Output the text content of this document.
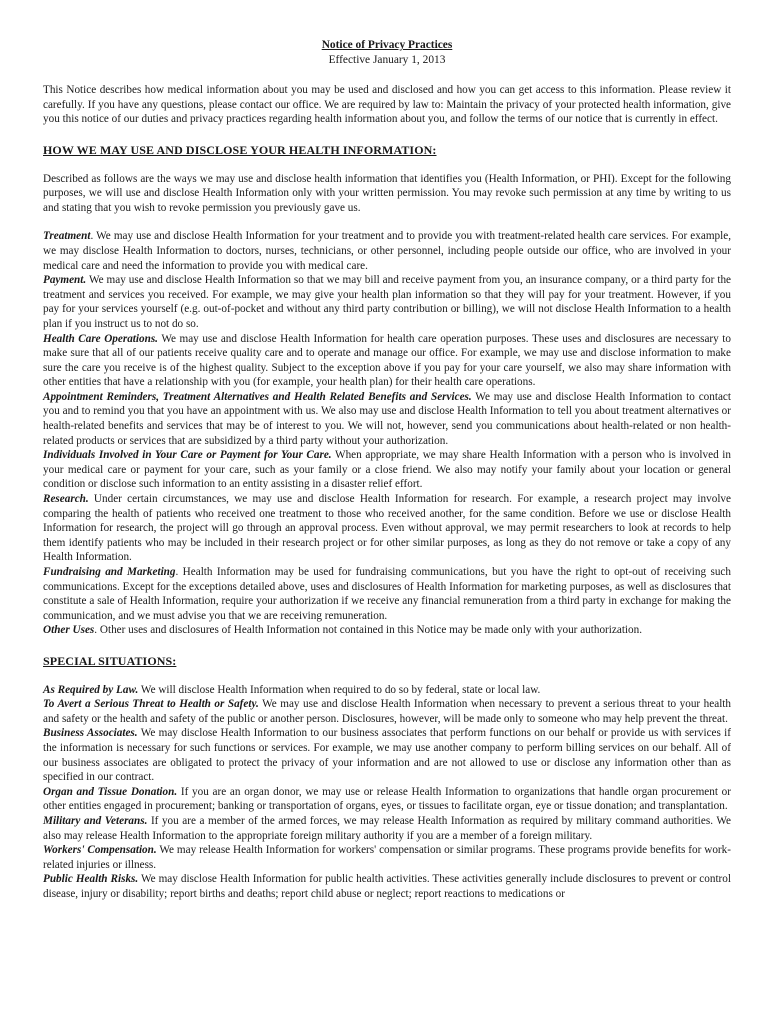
Notice of Privacy Practices

Effective January 1, 2013

This Notice describes how medical information about you may be used and disclosed and how you can get access to this information. Please review it carefully. If you have any questions, please contact our office. We are required by law to: Maintain the privacy of your protected health information, give you this notice of our duties and privacy practices regarding health information about you, and follow the terms of our notice that is currently in effect.

HOW WE MAY USE AND DISCLOSE YOUR HEALTH INFORMATION:

Described as follows are the ways we may use and disclose health information that identifies you (Health Information, or PHI). Except for the following purposes, we will use and disclose Health Information only with your written permission. You may revoke such permission at any time by writing to us and stating that you wish to revoke permission you previously gave us.

Treatment. We may use and disclose Health Information for your treatment and to provide you with treatment-related health care services. For example, we may disclose Health Information to doctors, nurses, technicians, or other personnel, including people outside our office, who are involved in your medical care and need the information to provide you with medical care.

Payment. We may use and disclose Health Information so that we may bill and receive payment from you, an insurance company, or a third party for the treatment and services you received. For example, we may give your health plan information so that they will pay for your treatment. However, if you pay for your services yourself (e.g. out-of-pocket and without any third party contribution or billing), we will not disclose Health Information to a health plan if you instruct us to not do so.

Health Care Operations. We may use and disclose Health Information for health care operation purposes. These uses and disclosures are necessary to make sure that all of our patients receive quality care and to operate and manage our office. For example, we may use and disclose information to make sure the care you receive is of the highest quality. Subject to the exception above if you pay for your care yourself, we also may share information with other entities that have a relationship with you (for example, your health plan) for their health care operations.

Appointment Reminders, Treatment Alternatives and Health Related Benefits and Services. We may use and disclose Health Information to contact you and to remind you that you have an appointment with us. We also may use and disclose Health Information to tell you about treatment alternatives or health-related benefits and services that may be of interest to you. We will not, however, send you communications about health-related or non health-related products or services that are subsidized by a third party without your authorization.

Individuals Involved in Your Care or Payment for Your Care. When appropriate, we may share Health Information with a person who is involved in your medical care or payment for your care, such as your family or a close friend. We also may notify your family about your location or general condition or disclose such information to an entity assisting in a disaster relief effort.

Research. Under certain circumstances, we may use and disclose Health Information for research. For example, a research project may involve comparing the health of patients who received one treatment to those who received another, for the same condition. Before we use or disclose Health Information for research, the project will go through an approval process. Even without approval, we may permit researchers to look at records to help them identify patients who may be included in their research project or for other similar purposes, as long as they do not remove or take a copy of any Health Information.

Fundraising and Marketing. Health Information may be used for fundraising communications, but you have the right to opt-out of receiving such communications. Except for the exceptions detailed above, uses and disclosures of Health Information for marketing purposes, as well as disclosures that constitute a sale of Health Information, require your authorization if we receive any financial remuneration from a third party in exchange for making the communication, and we must advise you that we are receiving remuneration.

Other Uses. Other uses and disclosures of Health Information not contained in this Notice may be made only with your authorization.

SPECIAL SITUATIONS:

As Required by Law. We will disclose Health Information when required to do so by federal, state or local law.

To Avert a Serious Threat to Health or Safety. We may use and disclose Health Information when necessary to prevent a serious threat to your health and safety or the health and safety of the public or another person. Disclosures, however, will be made only to someone who may help prevent the threat.

Business Associates. We may disclose Health Information to our business associates that perform functions on our behalf or provide us with services if the information is necessary for such functions or services. For example, we may use another company to perform billing services on our behalf. All of our business associates are obligated to protect the privacy of your information and are not allowed to use or disclose any information other than as specified in our contract.

Organ and Tissue Donation. If you are an organ donor, we may use or release Health Information to organizations that handle organ procurement or other entities engaged in procurement; banking or transportation of organs, eyes, or tissues to facilitate organ, eye or tissue donation; and transplantation.

Military and Veterans. If you are a member of the armed forces, we may release Health Information as required by military command authorities. We also may release Health Information to the appropriate foreign military authority if you are a member of a foreign military.

Workers' Compensation. We may release Health Information for workers' compensation or similar programs. These programs provide benefits for work-related injuries or illness.

Public Health Risks. We may disclose Health Information for public health activities. These activities generally include disclosures to prevent or control disease, injury or disability; report births and deaths; report child abuse or neglect; report reactions to medications or
